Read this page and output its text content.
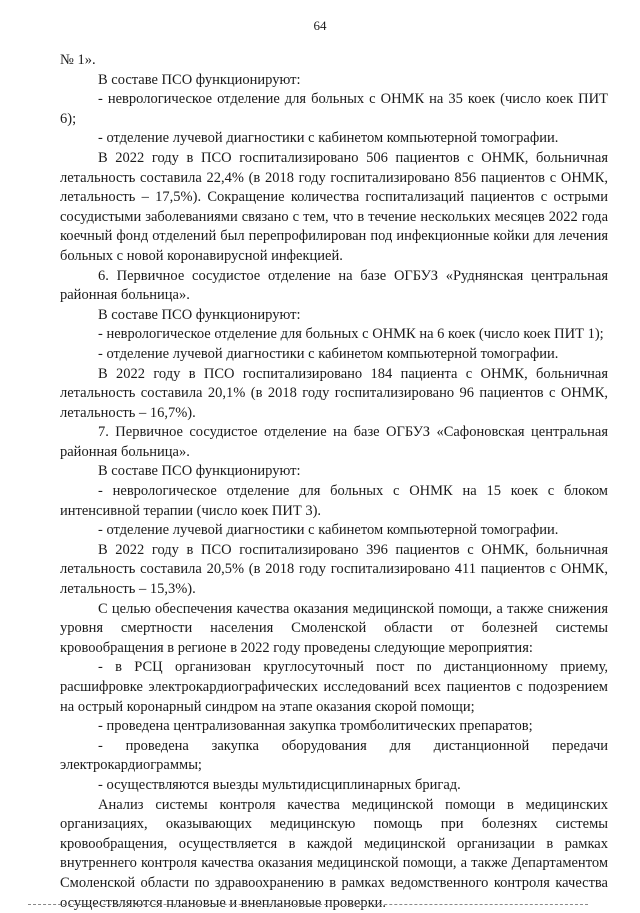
64

№ 1».

В составе ПСО функционируют:

- неврологическое отделение для больных с ОНМК на 35 коек (число коек ПИТ 6);

- отделение лучевой диагностики с кабинетом компьютерной томографии.

В 2022 году в ПСО госпитализировано 506 пациентов с ОНМК, больничная летальность составила 22,4% (в 2018 году госпитализировано 856 пациентов с ОНМК, летальность – 17,5%). Сокращение количества госпитализаций пациентов с острыми сосудистыми заболеваниями связано с тем, что в течение нескольких месяцев 2022 года коечный фонд отделений был перепрофилирован под инфекционные койки для лечения больных с новой коронавирусной инфекцией.

6. Первичное сосудистое отделение на базе ОГБУЗ «Руднянская центральная районная больница».

В составе ПСО функционируют:

- неврологическое отделение для больных с ОНМК на 6 коек (число коек ПИТ 1);

- отделение лучевой диагностики с кабинетом компьютерной томографии.

В 2022 году в ПСО госпитализировано 184 пациента с ОНМК, больничная летальность составила 20,1% (в 2018 году госпитализировано 96 пациентов с ОНМК, летальность – 16,7%).

7. Первичное сосудистое отделение на базе ОГБУЗ «Сафоновская центральная районная больница».

В составе ПСО функционируют:

- неврологическое отделение для больных с ОНМК на 15 коек с блоком интенсивной терапии (число коек ПИТ 3).

- отделение лучевой диагностики с кабинетом компьютерной томографии.

В 2022 году в ПСО госпитализировано 396 пациентов с ОНМК, больничная летальность составила 20,5% (в 2018 году госпитализировано 411 пациентов с ОНМК, летальность – 15,3%).

С целью обеспечения качества оказания медицинской помощи, а также снижения уровня смертности населения Смоленской области от болезней системы кровообращения в регионе в 2022 году проведены следующие мероприятия:

- в РСЦ организован круглосуточный пост по дистанционному приему, расшифровке электрокардиографических исследований всех пациентов с подозрением на острый коронарный синдром на этапе оказания скорой помощи;

- проведена централизованная закупка тромболитических препаратов;

- проведена закупка оборудования для дистанционной передачи электрокардиограммы;

- осуществляются выезды мультидисциплинарных бригад.

Анализ системы контроля качества медицинской помощи в медицинских организациях, оказывающих медицинскую помощь при болезнях системы кровообращения, осуществляется в каждой медицинской организации в рамках внутреннего контроля качества оказания медицинской помощи, а также Департаментом Смоленской области по здравоохранению в рамках ведомственного контроля качества осуществляются плановые и внеплановые проверки.
